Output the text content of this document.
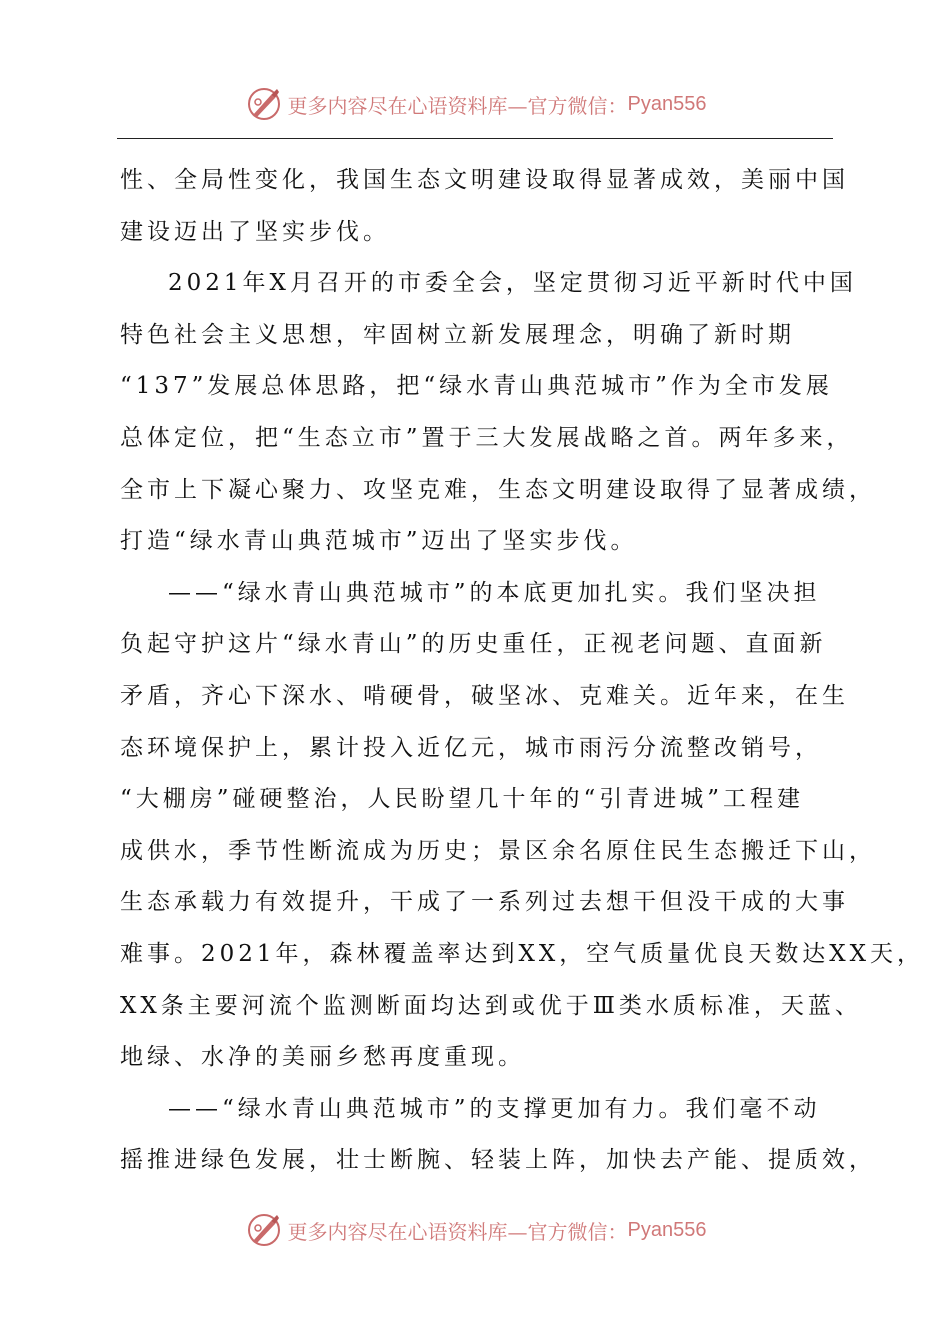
更多内容尽在心语资料库—官方微信： Pyan556
性、全局性变化，我国生态文明建设取得显著成效，美丽中国
建设迈出了坚实步伐。
2021年X月召开的市委全会，坚定贯彻习近平新时代中国
特色社会主义思想，牢固树立新发展理念，明确了新时期
“137”发展总体思路，把“绿水青山典范城市”作为全市发展
总体定位，把“生态立市”置于三大发展战略之首。两年多来，
全市上下凝心聚力、攻坚克难，生态文明建设取得了显著成绩，
打造“绿水青山典范城市”迈出了坚实步伐。
——“绿水青山典范城市”的本底更加扎实。我们坚决担
负起守护这片“绿水青山”的历史重任，正视老问题、直面新
矛盾，齐心下深水、啃硬骨，破坚冰、克难关。近年来，在生
态环境保护上，累计投入近亿元，城市雨污分流整改销号，
“大棚房”碰硬整治，人民盼望几十年的“引青进城”工程建
成供水，季节性断流成为历史；景区余名原住民生态搬迁下山，
生态承载力有效提升，干成了一系列过去想干但没干成的大事
难事。2021年，森林覆盖率达到XX，空气质量优良天数达XX天，
XX条主要河流个监测断面均达到或优于Ⅲ类水质标准，天蓝、
地绿、水净的美丽乡愁再度重现。
——“绿水青山典范城市”的支撑更加有力。我们毫不动
摇推进绿色发展，壮士断腕、轻装上阵，加快去产能、提质效，
更多内容尽在心语资料库—官方微信： Pyan556
